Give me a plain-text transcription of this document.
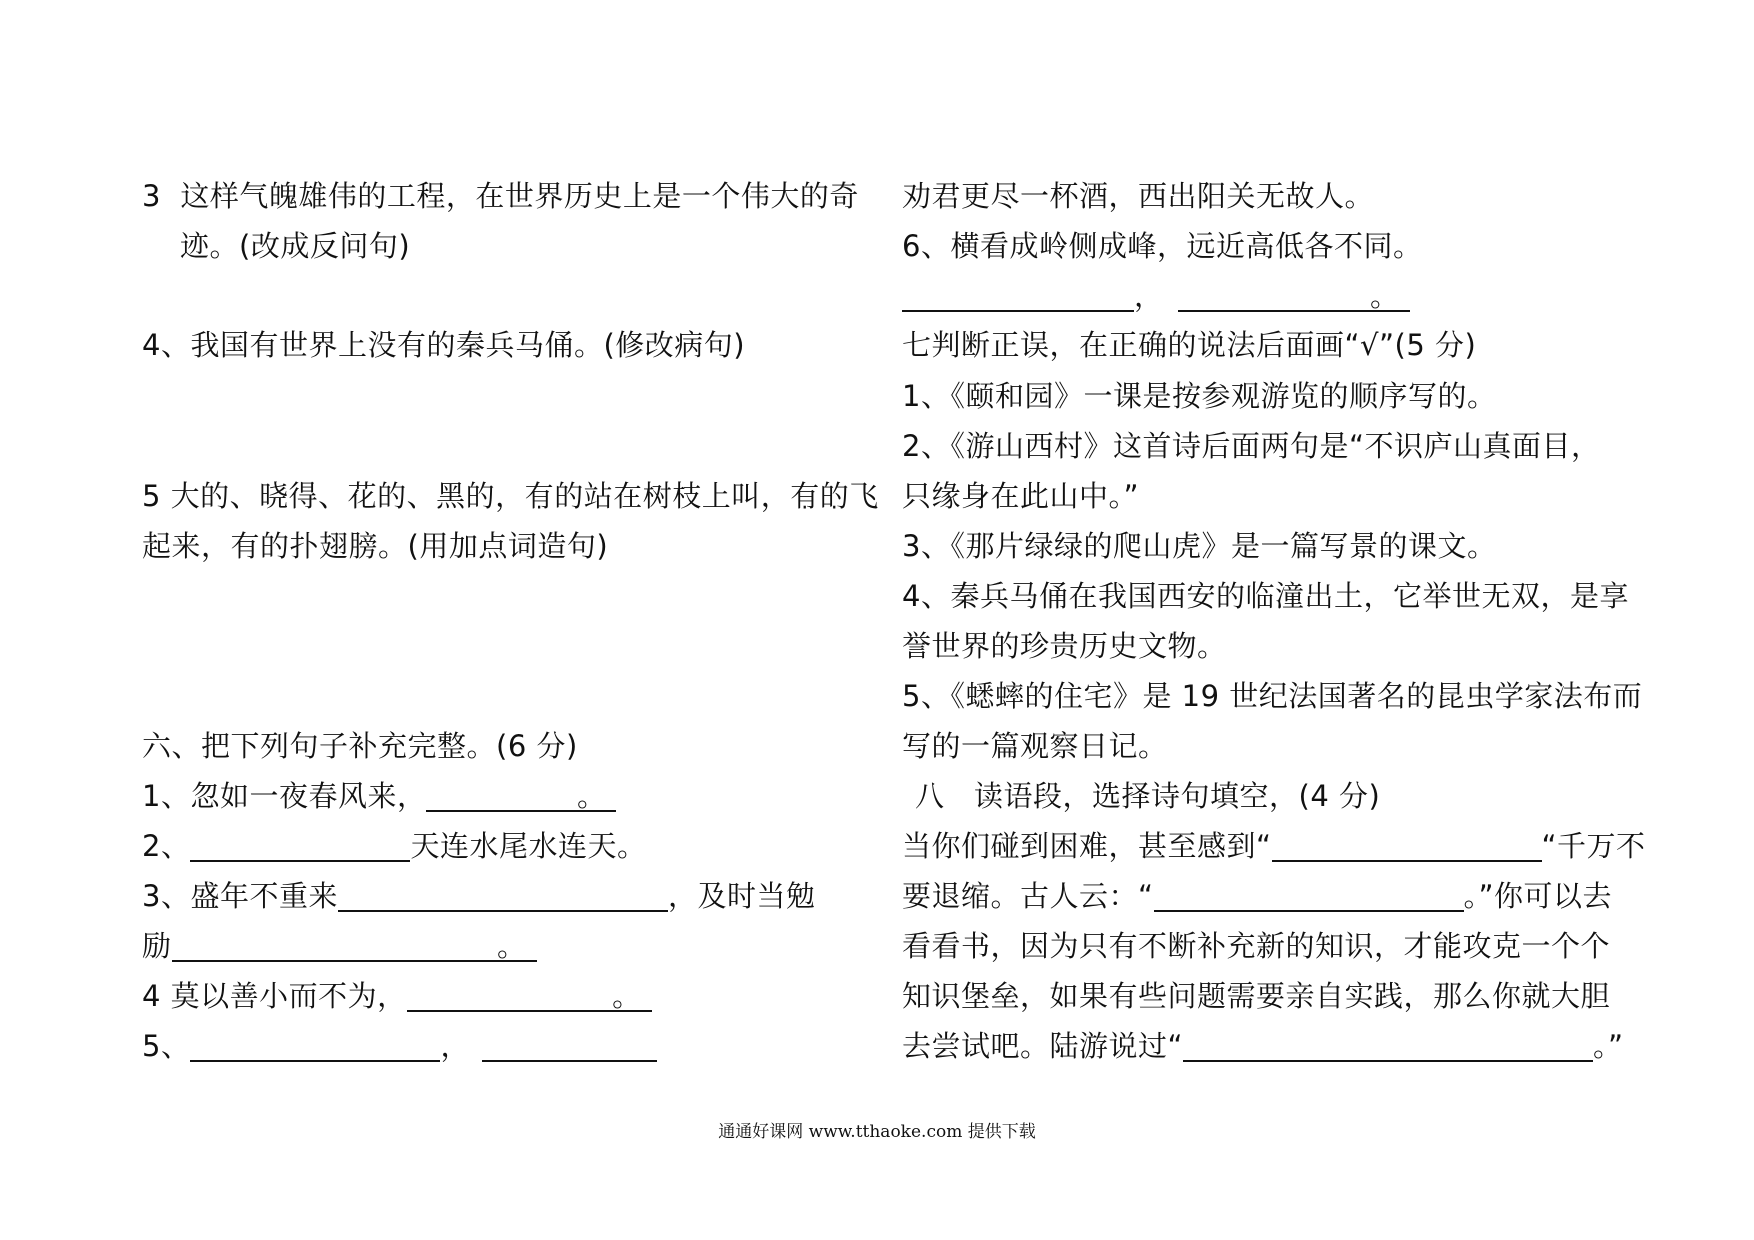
3 这样气魄雄伟的工程，在世界历史上是一个伟大的奇
迹。(改成反问句)
4、我国有世界上没有的秦兵马俑。(修改病句)
5 大的、晓得、花的、黑的，有的站在树枝上叫，有的飞
起来，有的扑翅膀。(用加点词造句)
六、把下列句子补充完整。(6 分)
1、忽如一夜春风来，	。
2、	天连水尾水连天。
3、盛年不重来	，及时当勉
励	。
4 莫以善小而不为，	。
5、	，
劝君更尽一杯酒，西出阳关无故人。
6、横看成岭侧成峰，远近高低各不同。
，	。
七判断正误，在正确的说法后面画“√”(5 分)
1、《颐和园》一课是按参观游览的顺序写的。
2、《游山西村》这首诗后面两句是“不识庐山真面目，
只缘身在此山中。”
3、《那片绿绿的爬山虎》是一篇写景的课文。
4、秦兵马俑在我国西安的临潼出土，它举世无双，是享
誉世界的珍贵历史文物。
5、《蟋蟀的住宅》是 19 世纪法国著名的昆虫学家法布而
写的一篇观察日记。
八　读语段，选择诗句填空，(4 分)
当你们碰到困难，甚至感到“	“千万不
要退缩。古人云：“	。”你可以去
看看书，因为只有不断补充新的知识，才能攻克一个个
知识堡垒，如果有些问题需要亲自实践，那么你就大胆
去尝试吧。陆游说过“	。”
通通好课网 www.tthaoke.com 提供下载
